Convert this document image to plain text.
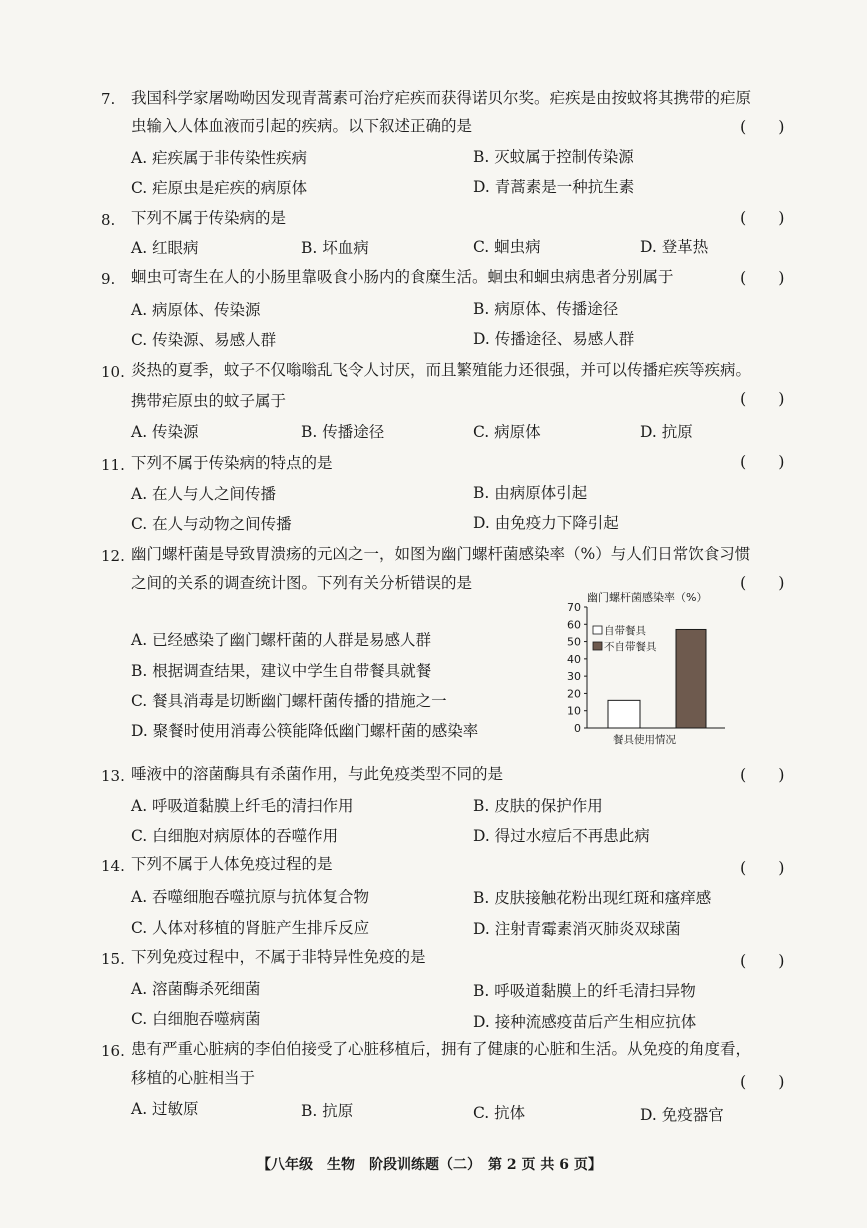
7. 我国科学家屠呦呦因发现青蒿素可治疗疟疾而获得诺贝尔奖。疟疾是由按蚊将其携带的疟原
虫输入人体血液而引起的疾病。以下叙述正确的是	(　　)
A. 疟疾属于非传染性疾病	B. 灭蚊属于控制传染源
C. 疟原虫是疟疾的病原体	D. 青蒿素是一种抗生素
8. 下列不属于传染病的是	(　　)
A. 红眼病	B. 坏血病	C. 蛔虫病	D. 登革热
9. 蛔虫可寄生在人的小肠里靠吸食小肠内的食糜生活。蛔虫和蛔虫病患者分别属于	(　　)
A. 病原体、传染源	B. 病原体、传播途径
C. 传染源、易感人群	D. 传播途径、易感人群
10. 炎热的夏季，蚊子不仅嗡嗡乱飞令人讨厌，而且繁殖能力还很强，并可以传播疟疾等疾病。
携带疟原虫的蚊子属于	(　　)
A. 传染源	B. 传播途径	C. 病原体	D. 抗原
11. 下列不属于传染病的特点的是	(　　)
A. 在人与人之间传播	B. 由病原体引起
C. 在人与动物之间传播	D. 由免疫力下降引起
12. 幽门螺杆菌是导致胃溃疡的元凶之一，如图为幽门螺杆菌感染率（%）与人们日常饮食习惯
之间的关系的调查统计图。下列有关分析错误的是	(　　)
A. 已经感染了幽门螺杆菌的人群是易感人群
B. 根据调查结果，建议中学生自带餐具就餐
C. 餐具消毒是切断幽门螺杆菌传播的措施之一
D. 聚餐时使用消毒公筷能降低幽门螺杆菌的感染率
幽门螺杆菌感染率（%）
0
10
20
30
40
50
60
70
自带餐具
不自带餐具
餐具使用情况
13. 唾液中的溶菌酶具有杀菌作用，与此免疫类型不同的是	(　　)
A. 呼吸道黏膜上纤毛的清扫作用	B. 皮肤的保护作用
C. 白细胞对病原体的吞噬作用	D. 得过水痘后不再患此病
14. 下列不属于人体免疫过程的是	(　　)
A. 吞噬细胞吞噬抗原与抗体复合物	B. 皮肤接触花粉出现红斑和瘙痒感
C. 人体对移植的肾脏产生排斥反应	D. 注射青霉素消灭肺炎双球菌
15. 下列免疫过程中，不属于非特异性免疫的是	(　　)
A. 溶菌酶杀死细菌	B. 呼吸道黏膜上的纤毛清扫异物
C. 白细胞吞噬病菌	D. 接种流感疫苗后产生相应抗体
16. 患有严重心脏病的李伯伯接受了心脏移植后，拥有了健康的心脏和生活。从免疫的角度看，
移植的心脏相当于	(　　)
A. 过敏原	B. 抗原	C. 抗体	D. 免疫器官
【八年级　生物　阶段训练题（二）　第 2 页 共 6 页】
